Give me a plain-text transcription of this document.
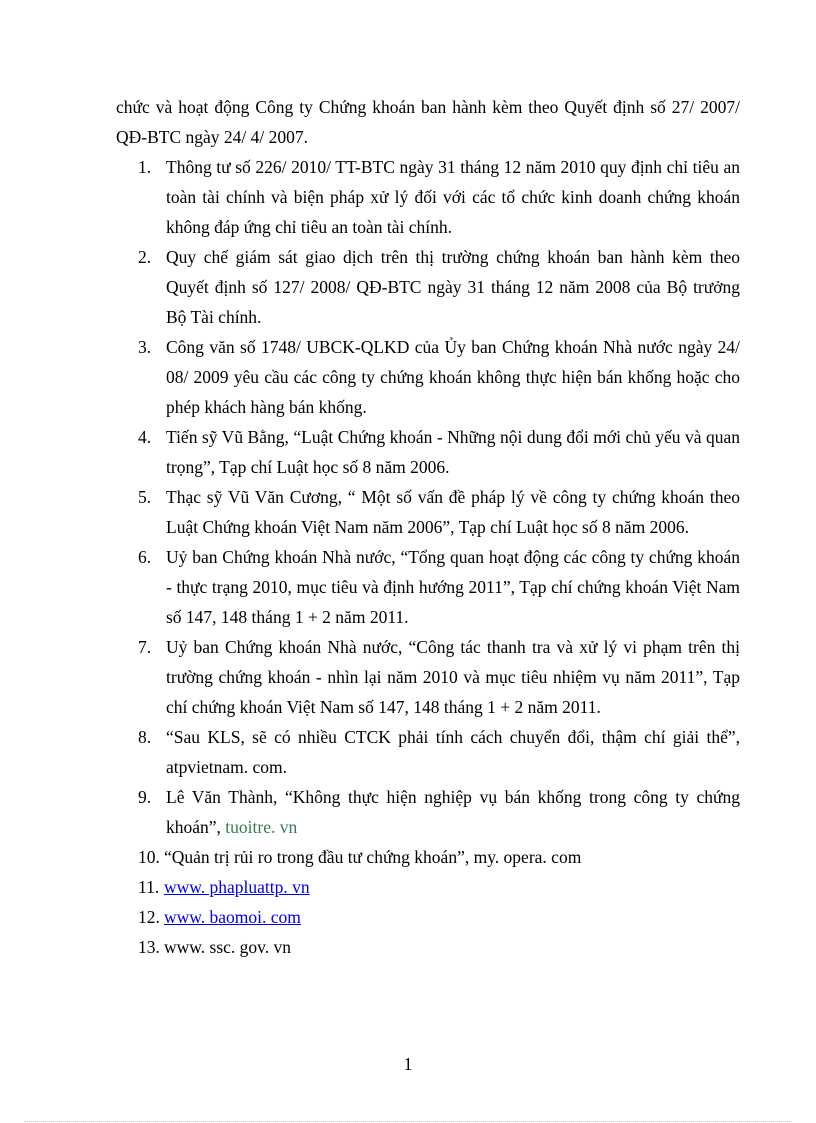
chức và hoạt động Công ty Chứng khoán ban hành kèm theo Quyết định số 27/ 2007/ QĐ-BTC ngày 24/ 4/ 2007.

1. Thông tư số 226/ 2010/ TT-BTC ngày 31 tháng 12 năm 2010 quy định chỉ tiêu an toàn tài chính và biện pháp xử lý đối với các tổ chức kinh doanh chứng khoán không đáp ứng chỉ tiêu an toàn tài chính.
2. Quy chế giám sát giao dịch trên thị trường chứng khoán ban hành kèm theo Quyết định số 127/ 2008/ QĐ-BTC ngày 31 tháng 12 năm 2008 của Bộ trưởng Bộ Tài chính.
3. Công văn số 1748/ UBCK-QLKD của Ủy ban Chứng khoán Nhà nước ngày 24/ 08/ 2009 yêu cầu các công ty chứng khoán không thực hiện bán khống hoặc cho phép khách hàng bán khống.
4. Tiến sỹ Vũ Bằng, “Luật Chứng khoán - Những nội dung đổi mới chủ yếu và quan trọng”, Tạp chí Luật học số 8 năm 2006.
5. Thạc sỹ Vũ Văn Cương, “ Một số vấn đề pháp lý về công ty chứng khoán theo Luật Chứng khoán Việt Nam năm 2006”, Tạp chí Luật học số 8 năm 2006.
6. Uỷ ban Chứng khoán Nhà nước, “Tổng quan hoạt động các công ty chứng khoán - thực trạng 2010, mục tiêu và định hướng 2011”, Tạp chí chứng khoán Việt Nam số 147, 148 tháng 1 + 2 năm 2011.
7. Uỷ ban Chứng khoán Nhà nước, “Công tác thanh tra và xử lý vi phạm trên thị trường chứng khoán - nhìn lại năm 2010 và mục tiêu nhiệm vụ năm 2011”, Tạp chí chứng khoán Việt Nam số 147, 148 tháng 1 + 2 năm 2011.
8. “Sau KLS, sẽ có nhiều CTCK phải tính cách chuyển đổi, thậm chí giải thể”, atpvietnam. com.
9. Lê Văn Thành, “Không thực hiện nghiệp vụ bán khống trong công ty chứng khoán”, tuoitre. vn
10. “Quản trị rủi ro trong đầu tư chứng khoán”, my. opera. com
11. www. phapluattp. vn
12. www. baomoi. com
13. www. ssc. gov. vn
1
